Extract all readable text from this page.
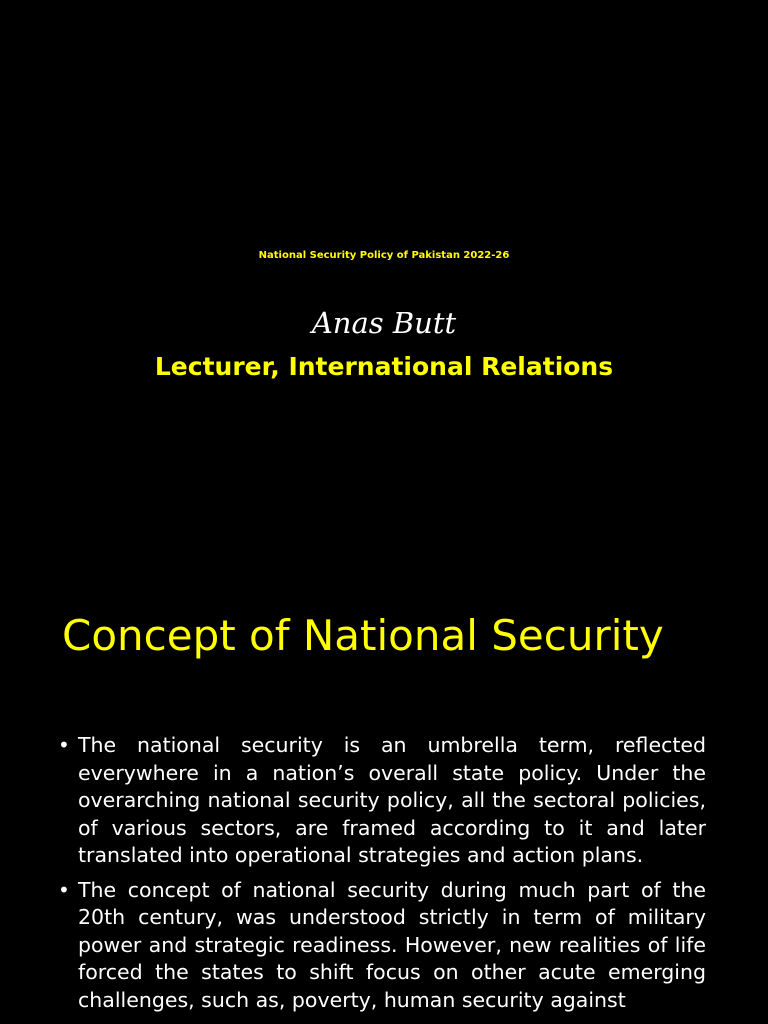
National Security Policy of Pakistan 2022-26
Anas Butt
Lecturer, International Relations
Concept of National Security
• The national security is an umbrella term, reflected everywhere in a nation’s overall state policy. Under the overarching national security policy, all the sectoral policies, of various sectors, are framed according to it and later translated into operational strategies and action plans.
• The concept of national security during much part of the 20th century, was understood strictly in term of military power and strategic readiness. However, new realities of life forced the states to shift focus on other acute emerging challenges, such as, poverty, human security against
